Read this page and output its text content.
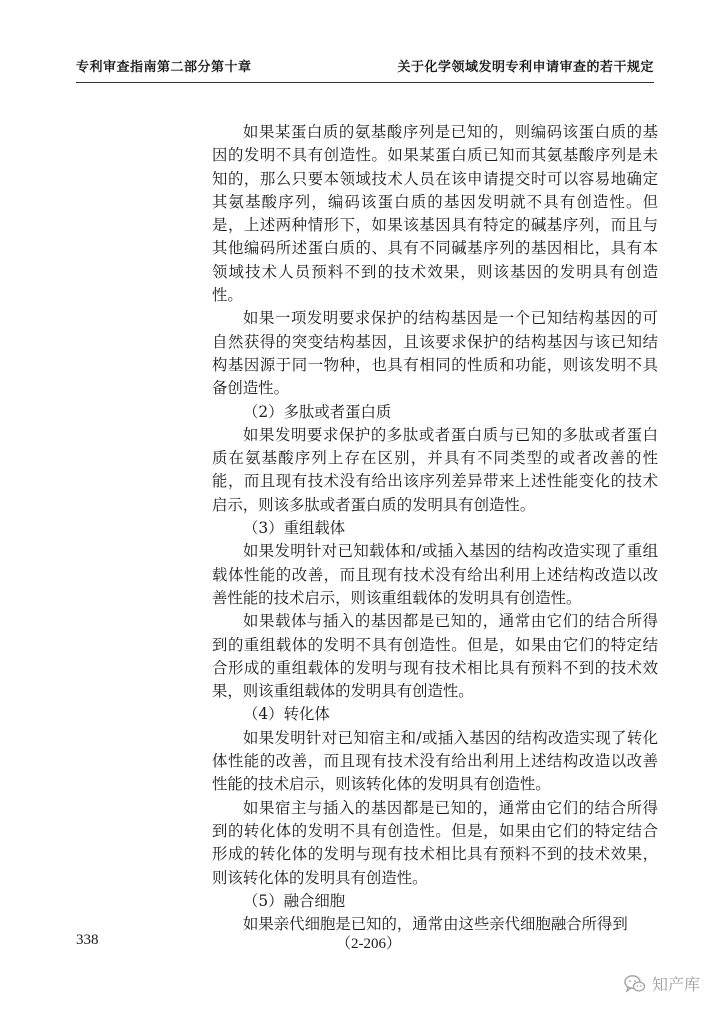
专利审查指南第二部分第十章	关于化学领域发明专利申请审查的若干规定

如果某蛋白质的氨基酸序列是已知的，则编码该蛋白质的基因的发明不具有创造性。如果某蛋白质已知而其氨基酸序列是未知的，那么只要本领域技术人员在该申请提交时可以容易地确定其氨基酸序列，编码该蛋白质的基因发明就不具有创造性。但是，上述两种情形下，如果该基因具有特定的碱基序列，而且与其他编码所述蛋白质的、具有不同碱基序列的基因相比，具有本领域技术人员预料不到的技术效果，则该基因的发明具有创造性。

如果一项发明要求保护的结构基因是一个已知结构基因的可自然获得的突变结构基因，且该要求保护的结构基因与该已知结构基因源于同一物种，也具有相同的性质和功能，则该发明不具备创造性。

（2）多肽或者蛋白质

如果发明要求保护的多肽或者蛋白质与已知的多肽或者蛋白质在氨基酸序列上存在区别，并具有不同类型的或者改善的性能，而且现有技术没有给出该序列差异带来上述性能变化的技术启示，则该多肽或者蛋白质的发明具有创造性。

（3）重组载体

如果发明针对已知载体和/或插入基因的结构改造实现了重组载体性能的改善，而且现有技术没有给出利用上述结构改造以改善性能的技术启示，则该重组载体的发明具有创造性。

如果载体与插入的基因都是已知的，通常由它们的结合所得到的重组载体的发明不具有创造性。但是，如果由它们的特定结合形成的重组载体的发明与现有技术相比具有预料不到的技术效果，则该重组载体的发明具有创造性。

（4）转化体

如果发明针对已知宿主和/或插入基因的结构改造实现了转化体性能的改善，而且现有技术没有给出利用上述结构改造以改善性能的技术启示，则该转化体的发明具有创造性。

如果宿主与插入的基因都是已知的，通常由它们的结合所得到的转化体的发明不具有创造性。但是，如果由它们的特定结合形成的转化体的发明与现有技术相比具有预料不到的技术效果，则该转化体的发明具有创造性。

（5）融合细胞

如果亲代细胞是已知的，通常由这些亲代细胞融合所得到

338	（2-206）
知产库
